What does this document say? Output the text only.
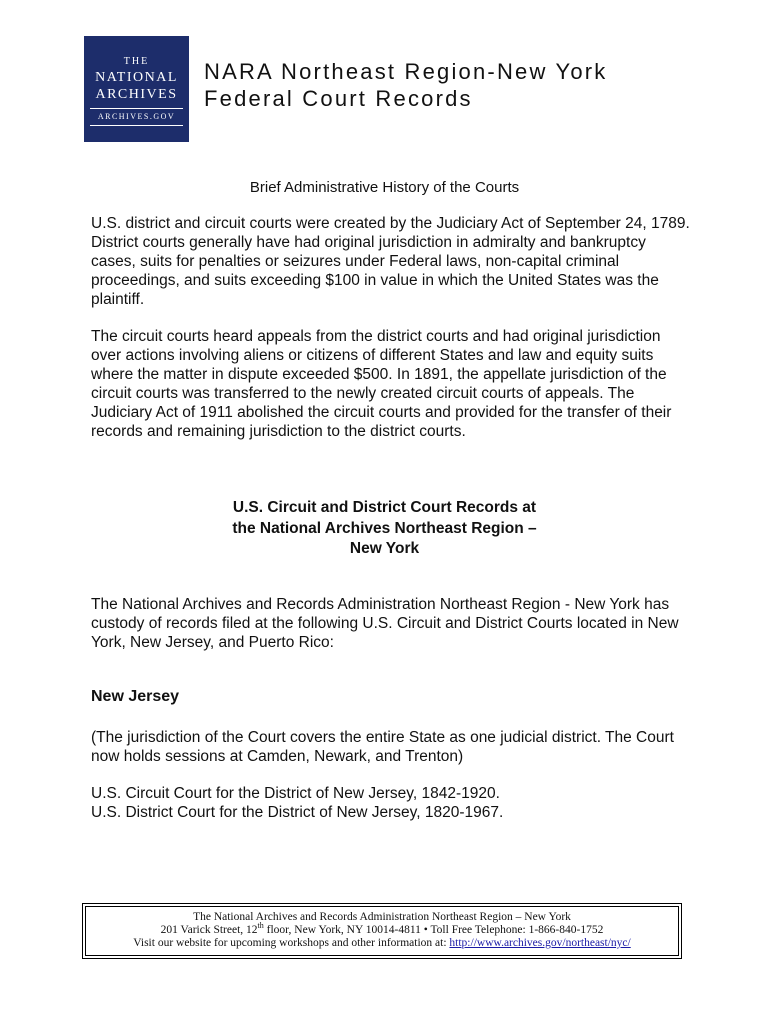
THE
NATIONAL
ARCHIVES
ARCHIVES.GOV
NARA Northeast Region-New York
Federal Court Records
Brief Administrative History of the Courts

U.S. district and circuit courts were created by the Judiciary Act of September 24, 1789. District courts generally have had original jurisdiction in admiralty and bankruptcy cases, suits for penalties or seizures under Federal laws, non-capital criminal proceedings, and suits exceeding $100 in value in which the United States was the plaintiff.

The circuit courts heard appeals from the district courts and had original jurisdiction over actions involving aliens or citizens of different States and law and equity suits where the matter in dispute exceeded $500. In 1891, the appellate jurisdiction of the circuit courts was transferred to the newly created circuit courts of appeals. The Judiciary Act of 1911 abolished the circuit courts and provided for the transfer of their records and remaining jurisdiction to the district courts.

U.S. Circuit and District Court Records at
the National Archives Northeast Region –
New York

The National Archives and Records Administration Northeast Region - New York has custody of records filed at the following U.S. Circuit and District Courts located in New York, New Jersey, and Puerto Rico:

New Jersey

(The jurisdiction of the Court covers the entire State as one judicial district. The Court now holds sessions at Camden, Newark, and Trenton)

U.S. Circuit Court for the District of New Jersey, 1842-1920.
U.S. District Court for the District of New Jersey, 1820-1967.
The National Archives and Records Administration Northeast Region – New York
201 Varick Street, 12th floor, New York, NY 10014-4811 • Toll Free Telephone: 1-866-840-1752
Visit our website for upcoming workshops and other information at: http://www.archives.gov/northeast/nyc/
